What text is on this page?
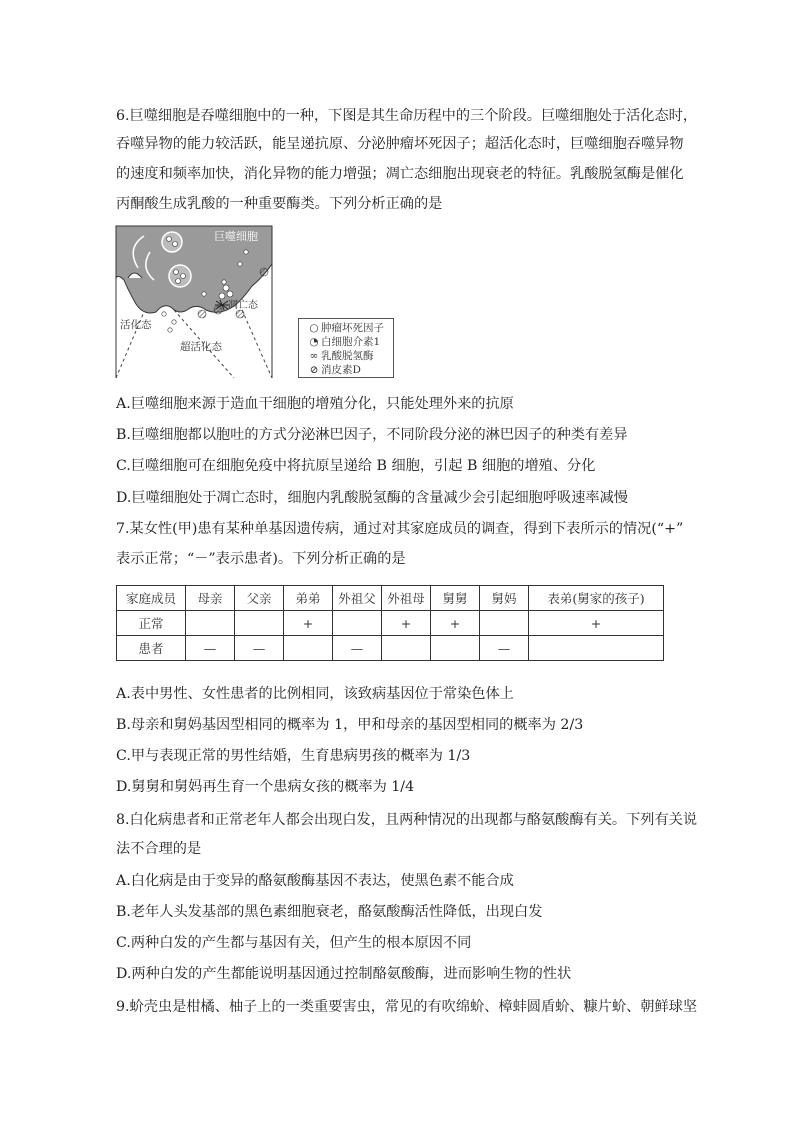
6.巨噬细胞是吞噬细胞中的一种，下图是其生命历程中的三个阶段。巨噬细胞处于活化态时，

吞噬异物的能力较活跃，能呈递抗原、分泌肿瘤坏死因子；超活化态时，巨噬细胞吞噬异物

的速度和频率加快，消化异物的能力增强；凋亡态细胞出现衰老的特征。乳酸脱氢酶是催化

丙酮酸生成乳酸的一种重要酶类。下列分析正确的是

巨噬细胞
凋亡态
活化态
超活化态
○ 肿瘤坏死因子
◔ 白细胞介素1
∞ 乳酸脱氢酶
⊘ 消皮素D

A.巨噬细胞来源于造血干细胞的增殖分化，只能处理外来的抗原

B.巨噬细胞都以胞吐的方式分泌淋巴因子，不同阶段分泌的淋巴因子的种类有差异

C.巨噬细胞可在细胞免疫中将抗原呈递给 B 细胞，引起 B 细胞的增殖、分化

D.巨噬细胞处于凋亡态时，细胞内乳酸脱氢酶的含量减少会引起细胞呼吸速率减慢

7.某女性(甲)患有某种单基因遗传病，通过对其家庭成员的调查，得到下表所示的情况(“+”

表示正常；“－”表示患者)。下列分析正确的是

家庭成员	母亲	父亲	弟弟	外祖父	外祖母	舅舅	舅妈	表弟(舅家的孩子)
正常			+		+	+		+
患者	—	—		—			—	

A.表中男性、女性患者的比例相同，该致病基因位于常染色体上

B.母亲和舅妈基因型相同的概率为 1，甲和母亲的基因型相同的概率为 2/3

C.甲与表现正常的男性结婚，生育患病男孩的概率为 1/3

D.舅舅和舅妈再生育一个患病女孩的概率为 1/4

8.白化病患者和正常老年人都会出现白发，且两种情况的出现都与酪氨酸酶有关。下列有关说

法不合理的是

A.白化病是由于变异的酪氨酸酶基因不表达，使黑色素不能合成

B.老年人头发基部的黑色素细胞衰老，酪氨酸酶活性降低，出现白发

C.两种白发的产生都与基因有关，但产生的根本原因不同

D.两种白发的产生都能说明基因通过控制酪氨酸酶，进而影响生物的性状

9.蚧壳虫是柑橘、柚子上的一类重要害虫，常见的有吹绵蚧、樟蚌圆盾蚧、糠片蚧、朝鲜球坚
